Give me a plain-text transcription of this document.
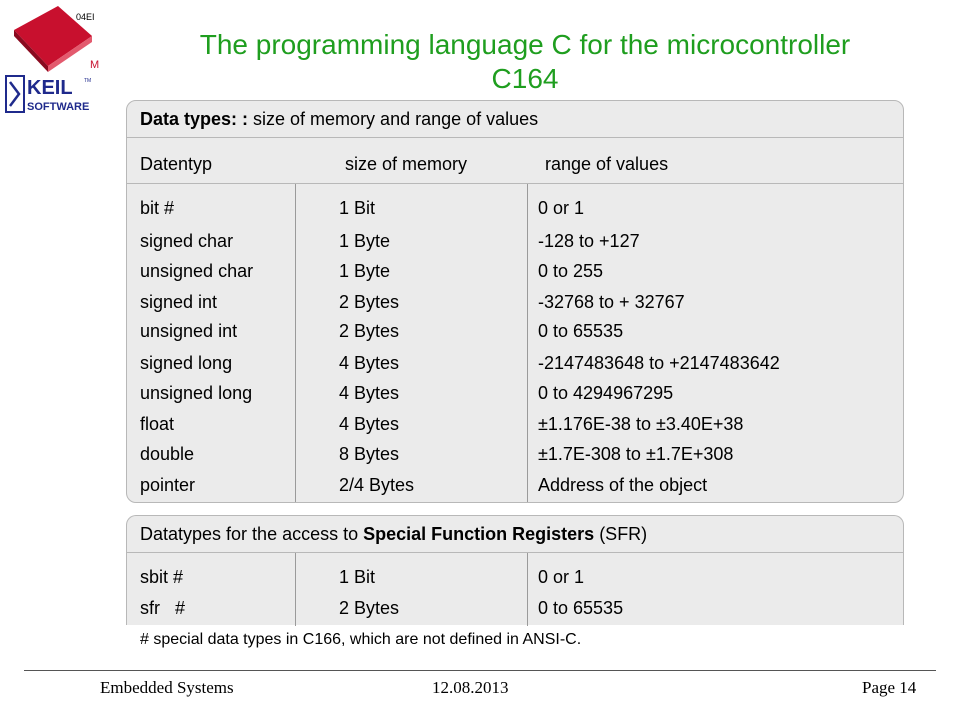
04EI
M
KEIL TM
SOFTWARE
The programming language C for the microcontroller
C164
Data types: : size of memory and range of values
Datentyp	size of memory	range of values
bit #	1 Bit	0 or 1
signed char	1 Byte	-128 to +127
unsigned char	1 Byte	0 to 255
signed int	2 Bytes	-32768 to + 32767
unsigned int	2 Bytes	0 to 65535
signed long	4 Bytes	-2147483648 to +2147483642
unsigned long	4 Bytes	0 to 4294967295
float	4 Bytes	±1.176E-38 to ±3.40E+38
double	8 Bytes	±1.7E-308 to ±1.7E+308
pointer	2/4 Bytes	Address of the object
Datatypes for the access to Special Function Registers (SFR)
sbit #	1 Bit	0 or 1
sfr   #	2 Bytes	0 to 65535
# special data types in C166, which are not defined in ANSI-C.
Embedded Systems	12.08.2013	Page 14
